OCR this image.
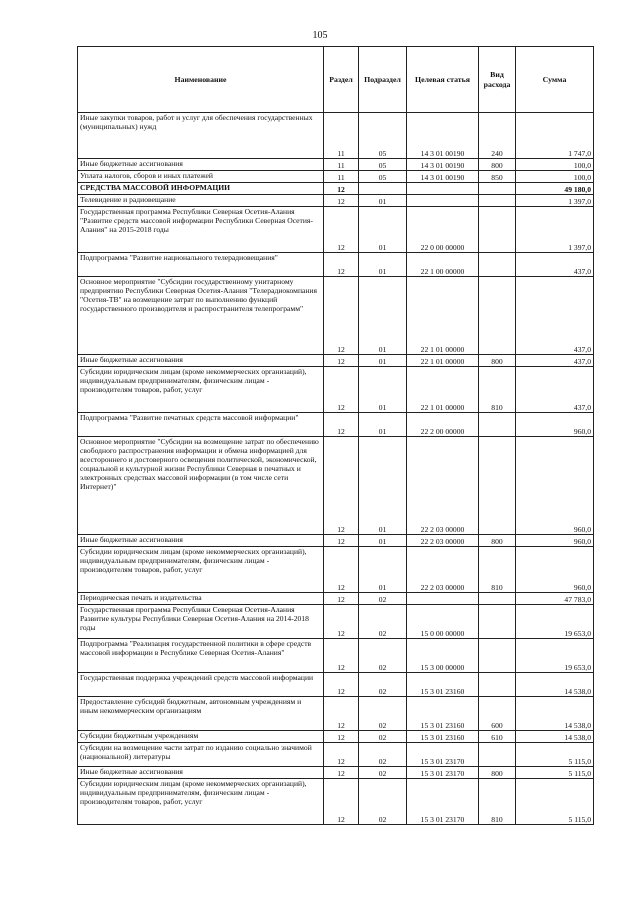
105
Наименование	Раздел	Подраздел	Целевая статья	Вид расхода	Сумма
Иные закупки товаров, работ и услуг для обеспечения государственных (муниципальных) нужд	11	05	14 3 01 00190	240	1 747,0
Иные бюджетные ассигнования	11	05	14 3 01 00190	800	100,0
Уплата налогов, сборов и иных платежей	11	05	14 3 01 00190	850	100,0
СРЕДСТВА МАССОВОЙ ИНФОРМАЦИИ	12				49 180,0
Телевидение и радиовещание	12	01			1 397,0
Государственная программа Республики Северная Осетия-Алания "Развитие средств массовой информации Республики Северная Осетия-Алания" на 2015-2018 годы	12	01	22 0 00 00000		1 397,0
Подпрограмма "Развитие национального телерадиовещания"	12	01	22 1 00 00000		437,0
Основное мероприятие "Субсидии государственному унитарному предприятию Республики Северная Осетия-Алания "Телерадиокомпания "Осетия-ТВ" на возмещение затрат по выполнению функций государственного производителя и распространителя телепрограмм"	12	01	22 1 01 00000		437,0
Иные бюджетные ассигнования	12	01	22 1 01 00000	800	437,0
Субсидии юридическим лицам (кроме некоммерческих организаций), индивидуальным предпринимателям, физическим лицам - производителям товаров, работ, услуг	12	01	22 1 01 00000	810	437,0
Подпрограмма "Развитие печатных средств массовой информации"	12	01	22 2 00 00000		960,0
Основное мероприятие "Субсидии на возмещение затрат по обеспечению свободного распространения информации и обмена информацией для всестороннего и достоверного освещения политической, экономической, социальной и культурной жизни Республики Северная в печатных и электронных средствах массовой информации (в том числе сети Интернет)"	12	01	22 2 03 00000		960,0
Иные бюджетные ассигнования	12	01	22 2 03 00000	800	960,0
Субсидии юридическим лицам (кроме некоммерческих организаций), индивидуальным предпринимателям, физическим лицам - производителям товаров, работ, услуг	12	01	22 2 03 00000	810	960,0
Периодическая печать и издательства	12	02			47 783,0
Государственная программа Республики Северная Осетия-Алания Развитие культуры Республики Северная Осетия-Алания на 2014-2018 годы	12	02	15 0 00 00000		19 653,0
Подпрограмма "Реализация государственной политики в сфере средств массовой информации в Республике Северная Осетия-Алания"	12	02	15 3 00 00000		19 653,0
Государственная поддержка учреждений средств массовой информации	12	02	15 3 01 23160		14 538,0
Предоставление субсидий бюджетным, автономным учреждениям и иным некоммерческим организациям	12	02	15 3 01 23160	600	14 538,0
Субсидии бюджетным учреждениям	12	02	15 3 01 23160	610	14 538,0
Субсидии на возмещение части затрат по изданию социально значимой (национальной) литературы	12	02	15 3 01 23170		5 115,0
Иные бюджетные ассигнования	12	02	15 3 01 23170	800	5 115,0
Субсидии юридическим лицам (кроме некоммерческих организаций), индивидуальным предпринимателям, физическим лицам - производителям товаров, работ, услуг	12	02	15 3 01 23170	810	5 115,0
